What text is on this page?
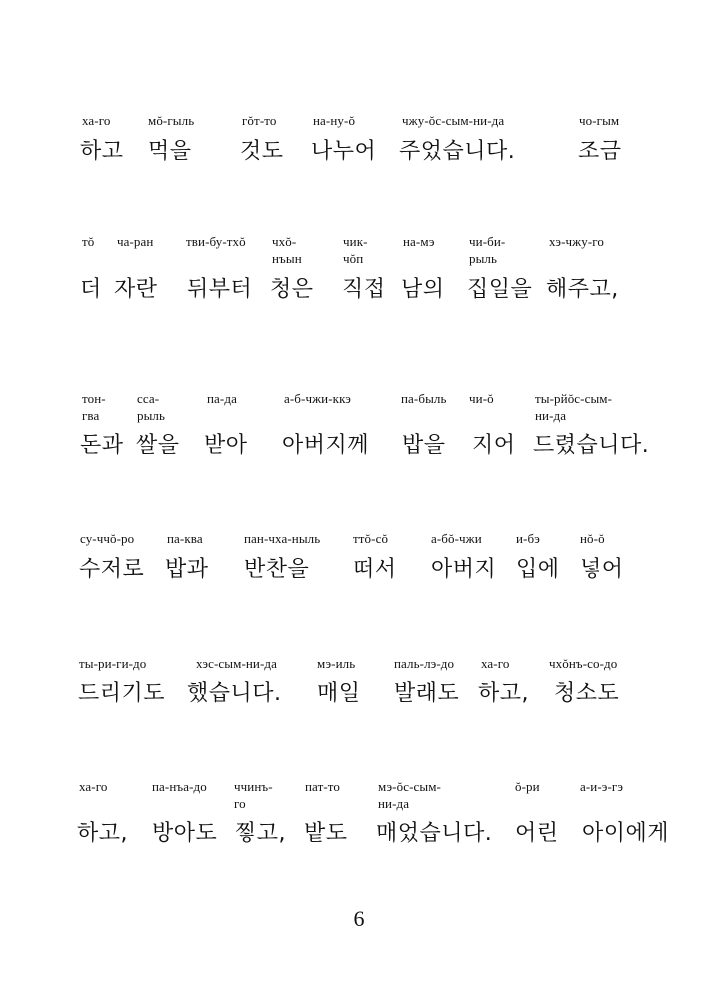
ха-го
하고
мŏ-гыль
먹을
гŏт-то
것도
на-ну-ŏ
나누어
чжу-ŏс-сым-ни-да
주었습니다.
чо-гым
조금
тŏ
더
ча-ран
자란
тви-бу-тхŏ
뒤부터
чхŏ-
нъын
청은
чик-
чŏп
직접
на-мэ
남의
чи-би-
рыль
집일을
хэ-чжу-го
해주고,
тон-
гва
돈과
сса-
рыль
쌀을
па-да
받아
а-б-чжи-ккэ
아버지께
па-быль
밥을
чи-ŏ
지어
ты-рйŏс-сым-
ни-да
드렸습니다.
су-ччŏ-ро
수저로
па-ква
밥과
пан-чха-ныль
반찬을
ттŏ-сŏ
떠서
а-бŏ-чжи
아버지
и-бэ
입에
нŏ-ŏ
넣어
ты-ри-ги-до
드리기도
хэс-сым-ни-да
했습니다.
мэ-иль
매일
паль-лэ-до
발래도
ха-го
하고,
чхŏнъ-со-до
청소도
ха-го
하고,
па-нъа-до
방아도
ччинъ-
го
찧고,
пат-то
밭도
мэ-ŏс-сым-
ни-да
매었습니다.
ŏ-ри
어린
а-и-э-гэ
아이에게
6
